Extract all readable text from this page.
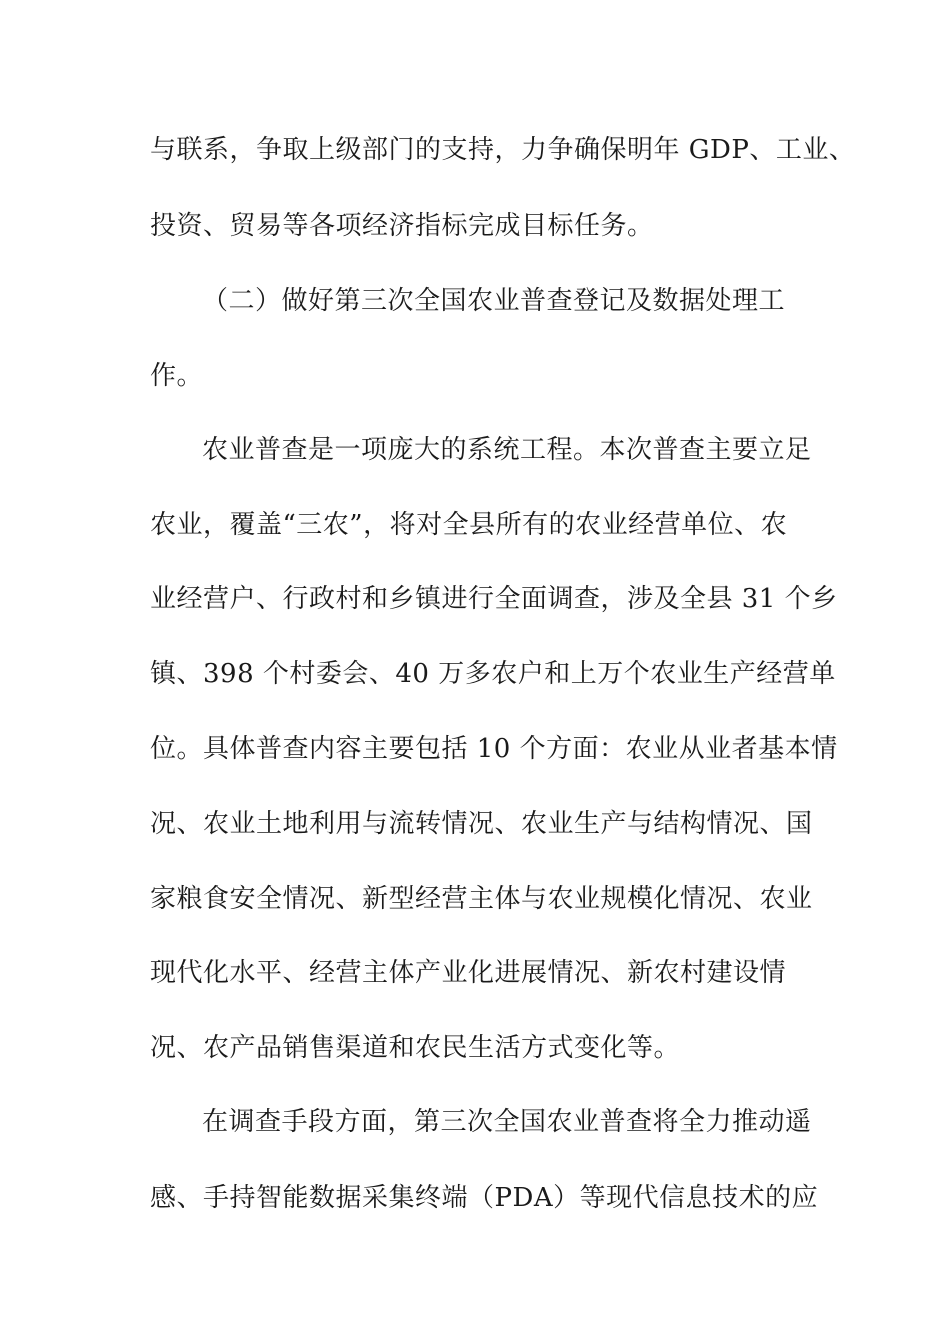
与联系，争取上级部门的支持，力争确保明年 GDP、工业、
投资、贸易等各项经济指标完成目标任务。
（二）做好第三次全国农业普查登记及数据处理工
作。
农业普查是一项庞大的系统工程。本次普查主要立足
农业，覆盖“三农”，将对全县所有的农业经营单位、农
业经营户、行政村和乡镇进行全面调查，涉及全县 31 个乡
镇、398 个村委会、40 万多农户和上万个农业生产经营单
位。具体普查内容主要包括 10 个方面：农业从业者基本情
况、农业土地利用与流转情况、农业生产与结构情况、国
家粮食安全情况、新型经营主体与农业规模化情况、农业
现代化水平、经营主体产业化进展情况、新农村建设情
况、农产品销售渠道和农民生活方式变化等。
在调查手段方面，第三次全国农业普查将全力推动遥
感、手持智能数据采集终端（PDA）等现代信息技术的应
